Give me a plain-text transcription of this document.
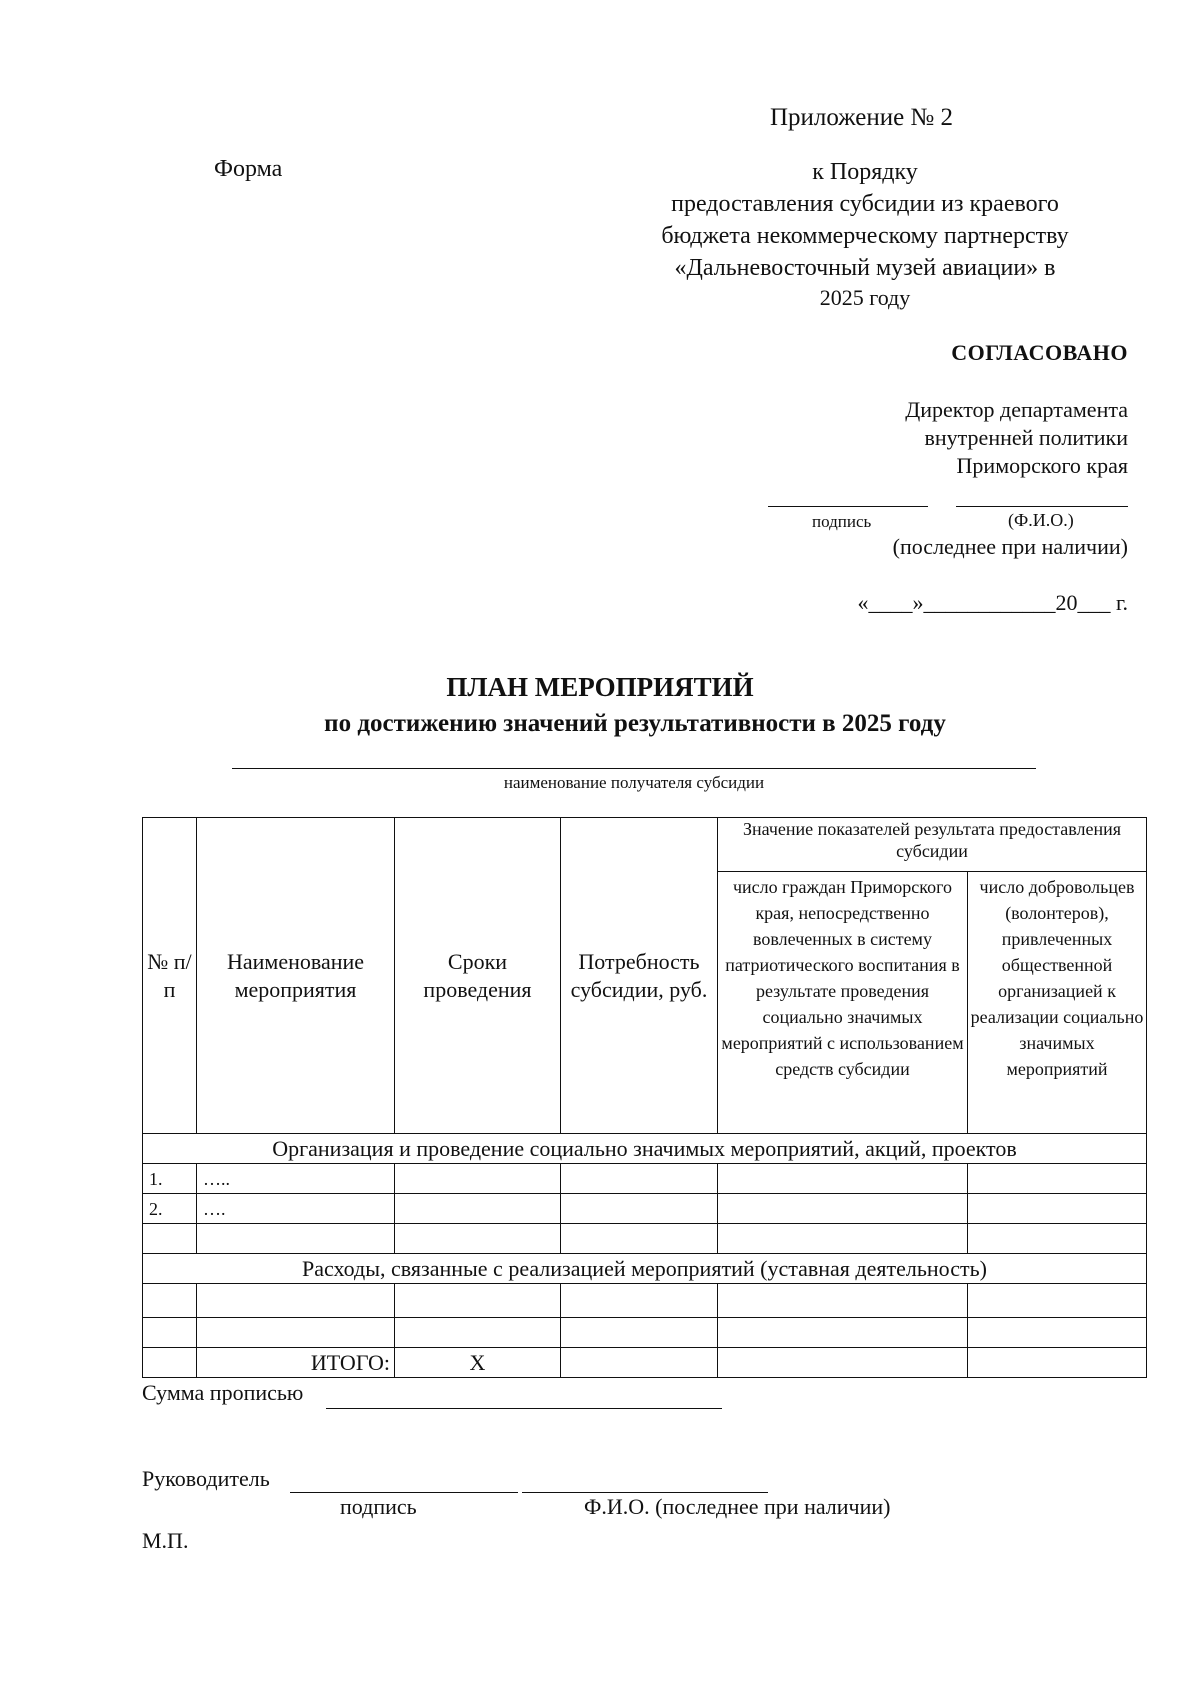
Приложение № 2
Форма	к Порядку
предоставления субсидии из краевого
бюджета некоммерческому партнерству
«Дальневосточный музей авиации» в
2025 году
СОГЛАСОВАНО
Директор департамента
внутренней политики
Приморского края
подпись	(Ф.И.О.)
(последнее при наличии)
«____»____________20___ г.
ПЛАН МЕРОПРИЯТИЙ
по достижению значений результативности в 2025 году
наименование получателя субсидии
№ п/п	Наименование мероприятия	Сроки проведения	Потребность субсидии, руб.	Значение показателей результата предоставления субсидии	
				число граждан Приморского края, непосредственно вовлеченных в систему патриотического воспитания в результате проведения социально значимых мероприятий с использованием средств субсидии	число добровольцев (волонтеров), привлеченных общественной организацией к реализации социально значимых мероприятий
Организация и проведение социально значимых мероприятий, акций, проектов					
1.	…..				
2.	….				

Расходы, связанные с реализацией мероприятий (уставная деятельность)					

	ИТОГО:	Х			
Сумма прописью
Руководитель
подпись	Ф.И.О. (последнее при наличии)
М.П.
